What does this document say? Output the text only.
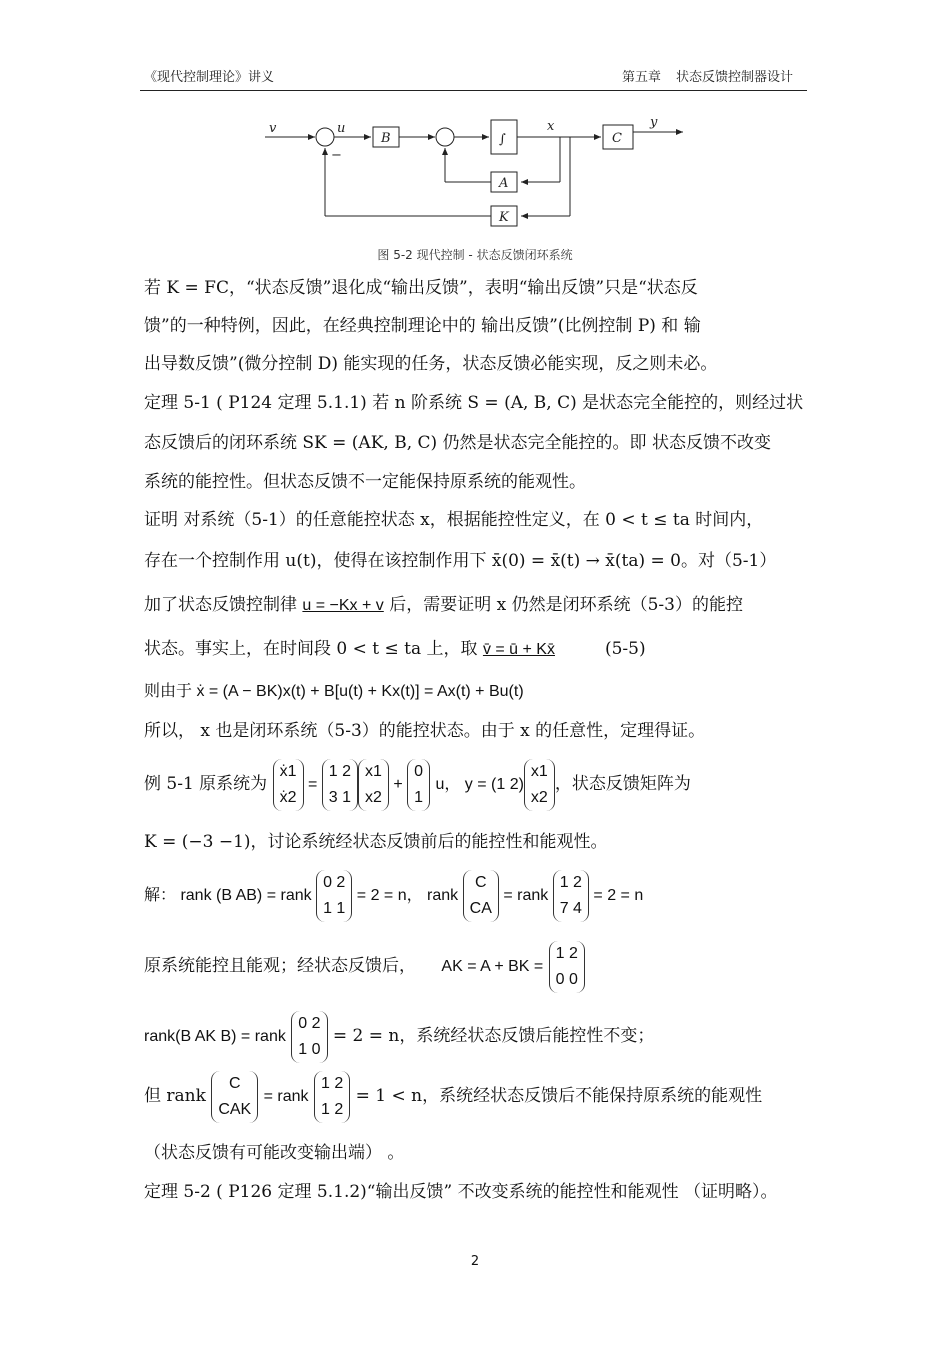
《现代控制理论》讲义	第五章 状态反馈控制器设计
v	u
−
B	∫
x
C
y
A
K
图 5-2 现代控制 - 状态反馈闭环系统
若 K = FC，“状态反馈”退化成“输出反馈”，表明“输出反馈”只是“状态反
馈”的一种特例，因此，在经典控制理论中的 输出反馈”(比例控制 P) 和 输
出导数反馈”(微分控制 D) 能实现的任务，状态反馈必能实现，反之则未必。
定理 5-1 ( P124 定理 5.1.1) 若 n 阶系统 S = (A, B, C) 是状态完全能控的，则经过状
态反馈后的闭环系统 SK = (AK, B, C) 仍然是状态完全能控的。即 状态反馈不改变
系统的能控性。但状态反馈不一定能保持原系统的能观性。
证明 对系统（5-1）的任意能控状态 x，根据能控性定义，在 0 < t ≤ ta 时间内，
存在一个控制作用 u(t)，使得在该控制作用下 x̄(0) = x̄(t) → x̄(ta) = 0。对（5-1）
加了状态反馈控制律 u = −Kx + v 后，需要证明 x 仍然是闭环系统（5-3）的能控
状态。事实上，在时间段 0 < t ≤ ta 上，取 v̄ = ū + Kx̄	(5-5)
则由于 ẋ = (A − BK)x(t) + B[u(t) + Kx(t)] = Ax(t) + Bu(t)
所以， x 也是闭环系统（5-3）的能控状态。由于 x 的任意性，定理得证。
例 5-1 原系统为
ẋ1
ẋ2
=
1 2
3 1
x1
x2
+
0
1
u， y = (1 2)
x1
x2
，状态反馈矩阵为
K = (−3 −1)，讨论系统经状态反馈前后的能控性和能观性。
解： rank (B AB) = rank
0 2
1 1
= 2 = n， rank
C
CA
= rank
1 2
7 4
= 2 = n
原系统能控且能观；经状态反馈后， AK = A + BK =
1 2
0 0
rank(B AK B) = rank
0 2
1 0
= 2 = n，系统经状态反馈后能控性不变；
但 rank
C
CAK
= rank
1 2
1 2
= 1 < n，系统经状态反馈后不能保持原系统的能观性
（状态反馈有可能改变输出端） 。
定理 5-2 ( P126 定理 5.1.2)“输出反馈” 不改变系统的能控性和能观性 （证明略）。
2
